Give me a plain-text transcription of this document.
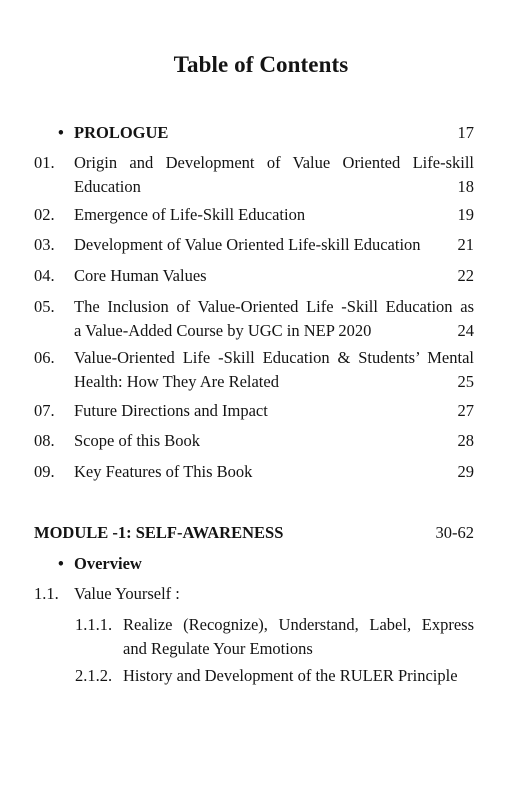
Table of Contents
• PROLOGUE	17
01. Origin and Development of Value Oriented Life-skill
Education	18
02. Emergence of Life-Skill Education	19
03. Development of Value Oriented Life-skill Education	21
04. Core Human Values	22
05. The Inclusion of Value-Oriented Life -Skill Education as
a Value-Added Course by UGC in NEP 2020	24
06. Value-Oriented Life -Skill Education & Students’ Mental
Health: How They Are Related	25
07. Future Directions and Impact	27
08. Scope of this Book	28
09. Key Features of This Book	29
MODULE -1: SELF-AWARENESS	30-62
• Overview
1.1. Value Yourself :
1.1.1. Realize (Recognize), Understand, Label, Express
and Regulate Your Emotions
2.1.2. History and Development of the RULER Principle
